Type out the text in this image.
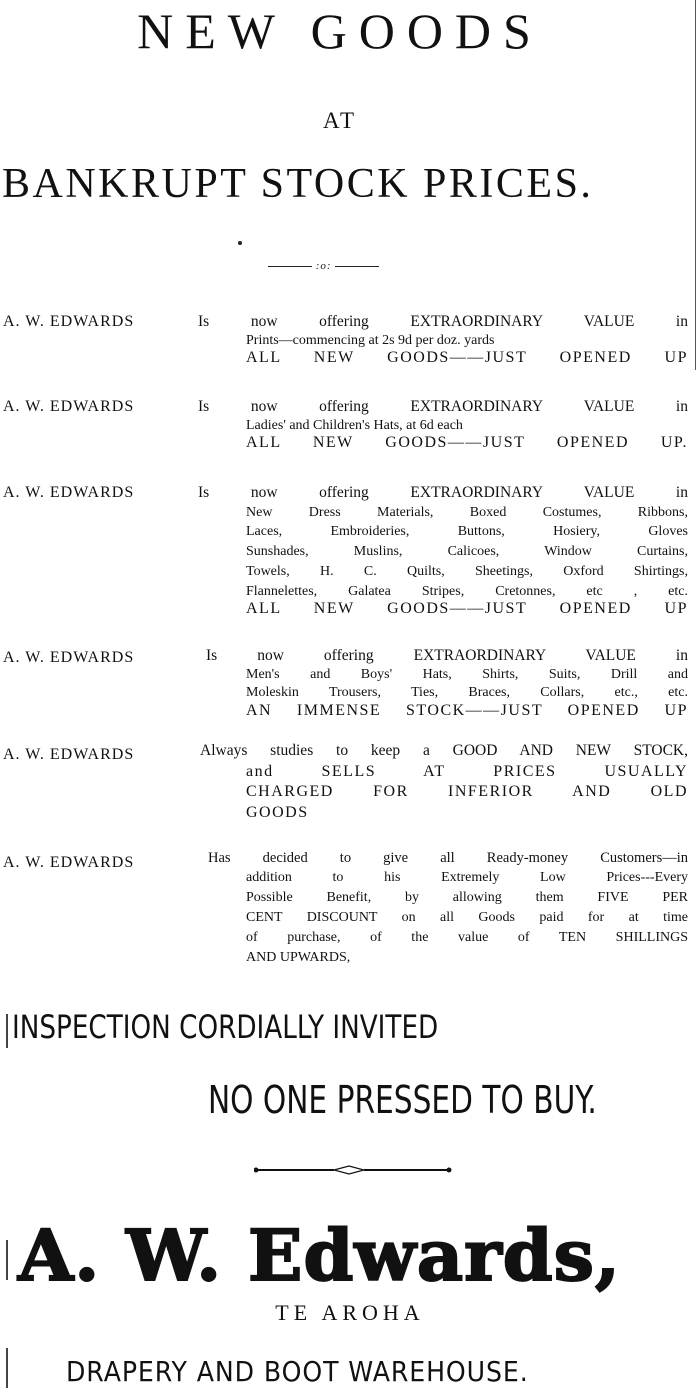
NEW GOODS
AT
BANKRUPT STOCK PRICES.
:o:
A. W. EDWARDS	Is now offering EXTRAORDINARY VALUE in
Prints—commencing at 2s 9d per doz. yards
ALL NEW GOODS——JUST OPENED UP
A. W. EDWARDS	Is now offering EXTRAORDINARY VALUE in
Ladies' and Children's Hats, at 6d each
ALL NEW GOODS——JUST OPENED UP.
A. W. EDWARDS	Is now offering EXTRAORDINARY VALUE in
New Dress Materials, Boxed Costumes, Ribbons,
Laces, Embroideries, Buttons, Hosiery, Gloves
Sunshades, Muslins, Calicoes, Window Curtains,
Towels, H. C. Quilts, Sheetings, Oxford Shirtings,
Flannelettes, Galatea Stripes, Cretonnes, etc , etc.
ALL NEW GOODS——JUST OPENED UP
A. W. EDWARDS	Is now offering EXTRAORDINARY VALUE in
Men's and Boys' Hats, Shirts, Suits, Drill and
Moleskin Trousers, Ties, Braces, Collars, etc., etc.
AN IMMENSE STOCK——JUST OPENED UP
A. W. EDWARDS	Always studies to keep a GOOD AND NEW STOCK,
and SELLS AT PRICES USUALLY
CHARGED FOR INFERIOR AND OLD
GOODS
A. W. EDWARDS	Has decided to give all Ready-money Customers—in
addition to his Extremely Low Prices---Every
Possible Benefit, by allowing them FIVE PER
CENT DISCOUNT on all Goods paid for at time
of purchase, of the value of TEN SHILLINGS
AND UPWARDS,
INSPECTION CORDIALLY INVITED
NO ONE PRESSED TO BUY.
A. W. Edwards,
TE AROHA
DRAPERY AND BOOT WAREHOUSE.
